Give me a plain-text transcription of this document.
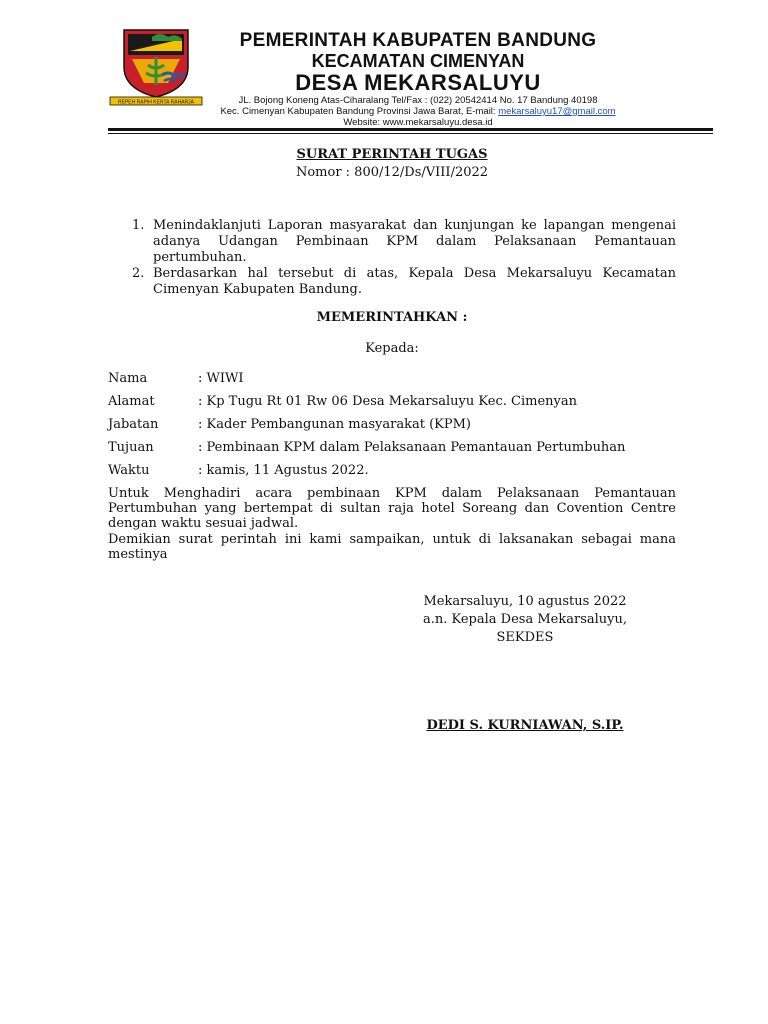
REPEH RAPIH KERTA RAHARJA
PEMERINTAH KABUPATEN BANDUNG
KECAMATAN CIMENYAN
DESA MEKARSALUYU
JL. Bojong Koneng Atas-Ciharalang Tel/Fax : (022) 20542414 No. 17 Bandung 40198
Kec. Cimenyan Kabupaten Bandung Provinsi Jawa Barat, E-mail: mekarsaluyu17@gmail.com
Website: www.mekarsaluyu.desa.id
SURAT PERINTAH TUGAS
Nomor : 800/12/Ds/VIII/2022
1. Menindaklanjuti Laporan masyarakat dan kunjungan ke lapangan mengenai adanya Udangan Pembinaan KPM dalam Pelaksanaan Pemantauan pertumbuhan.
2. Berdasarkan hal tersebut di atas, Kepala Desa Mekarsaluyu Kecamatan Cimenyan Kabupaten Bandung.
MEMERINTAHKAN :
Kepada:
Nama	: WIWI
Alamat	: Kp Tugu Rt 01 Rw 06 Desa Mekarsaluyu Kec. Cimenyan
Jabatan	: Kader Pembangunan masyarakat (KPM)
Tujuan	: Pembinaan KPM dalam Pelaksanaan Pemantauan Pertumbuhan
Waktu	: kamis, 11 Agustus 2022.

Untuk Menghadiri acara pembinaan KPM dalam Pelaksanaan Pemantauan Pertumbuhan yang bertempat di sultan raja hotel Soreang dan Covention Centre dengan waktu sesuai jadwal.

Demikian surat perintah ini kami sampaikan, untuk di laksanakan sebagai mana mestinya

Mekarsaluyu, 10 agustus 2022
a.n. Kepala Desa Mekarsaluyu,
SEKDES
DEDI S. KURNIAWAN, S.IP.
